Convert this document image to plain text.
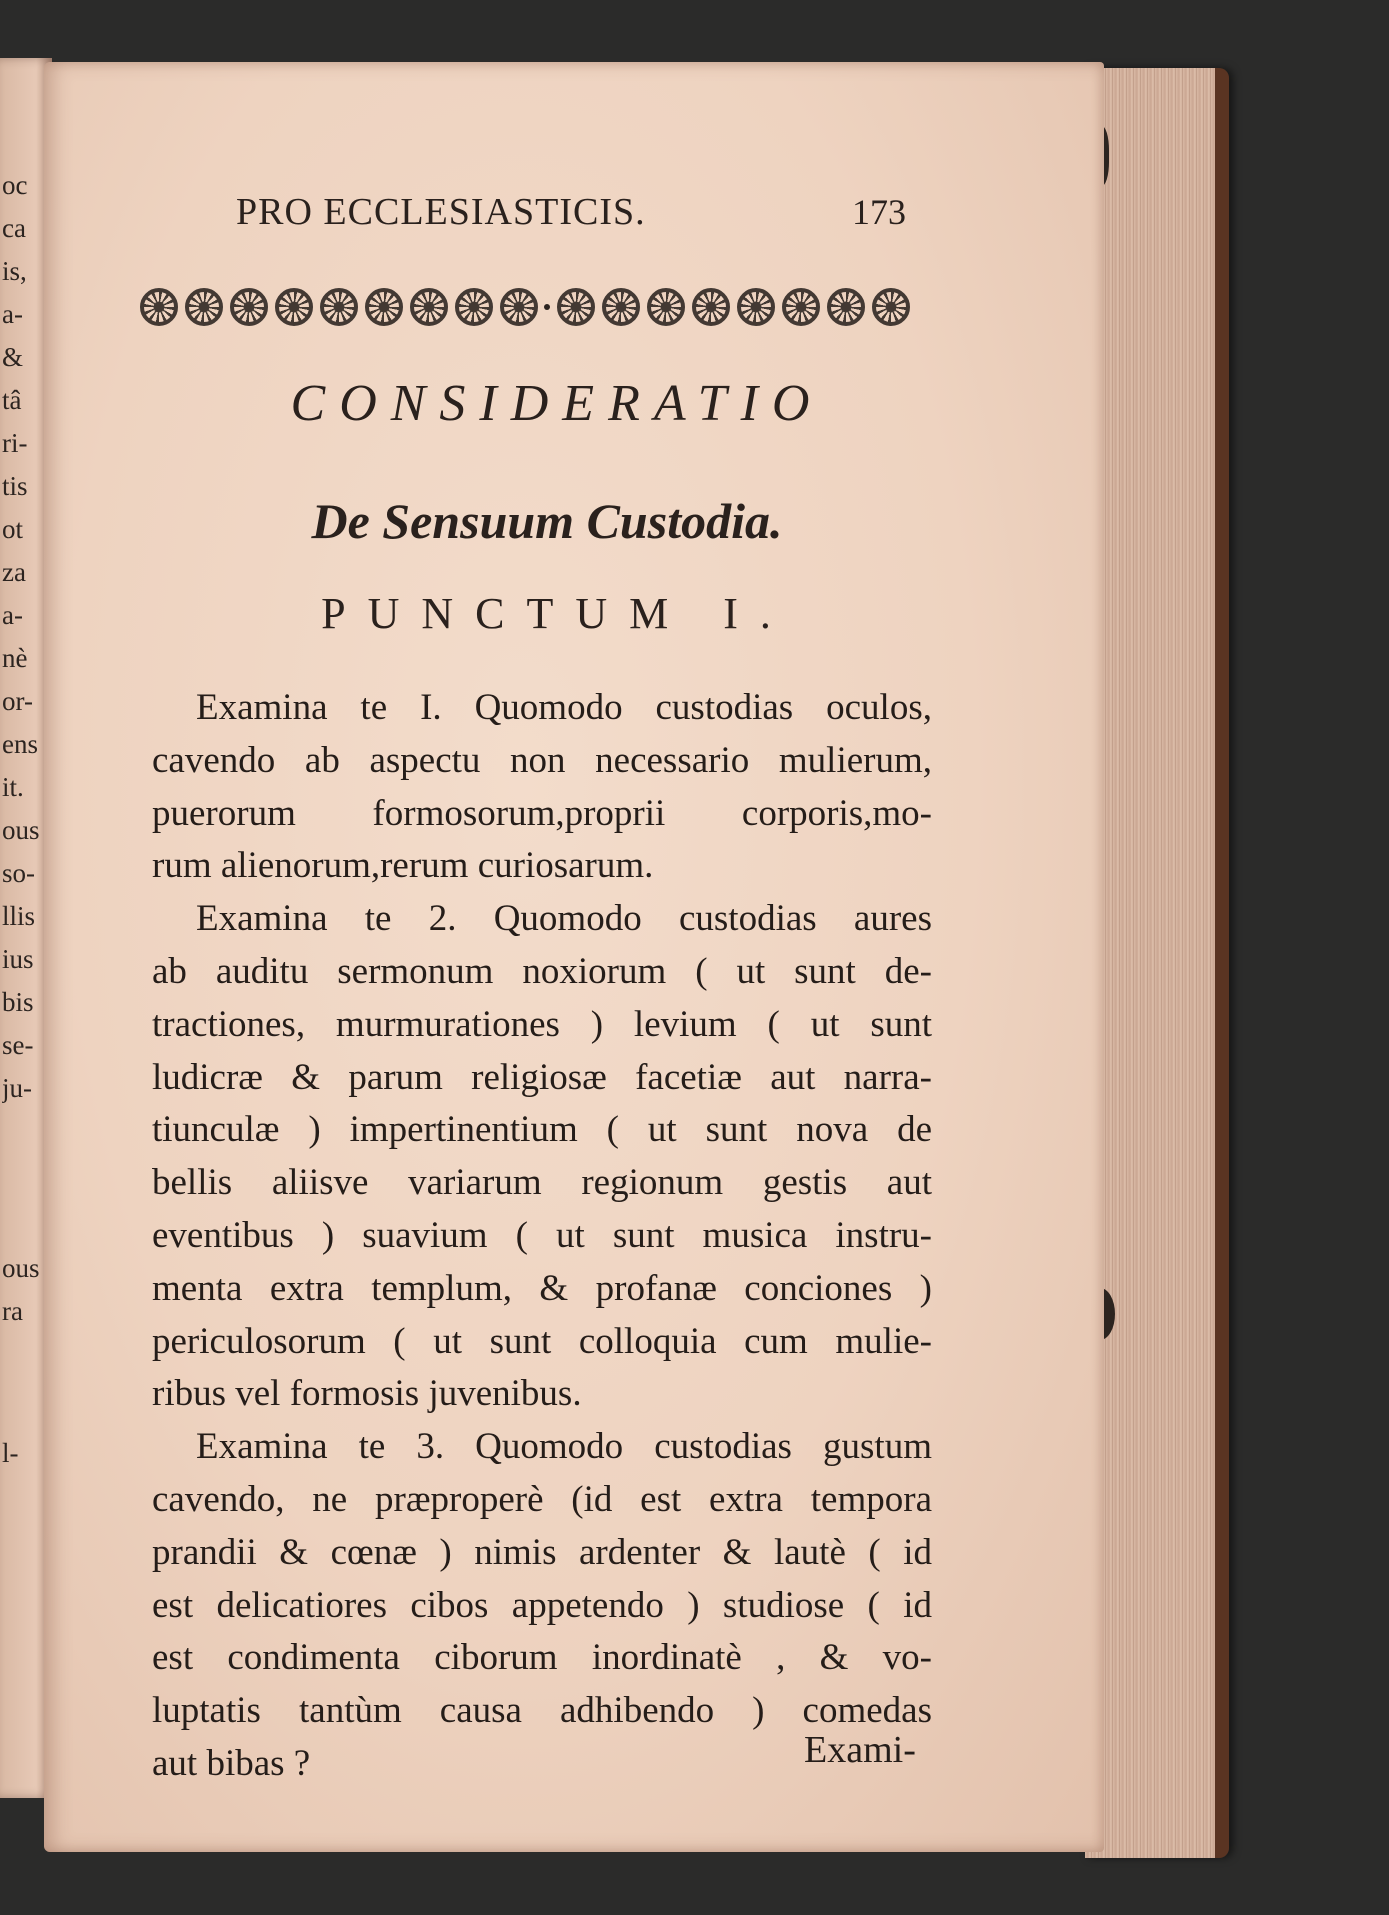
oc
ca
is,
a-
&
tâ
ri-
tis
ot
za
a-
nè
or-
ens
it.
ous
so-
llis
ius
bis
se-
ju-
ous
ra
l-
PRO ECCLESIASTICIS.	173
CONSIDERATIO
De Sensuum Custodia.
PUNCTUM I.
Examina te I. Quomodo custodias oculos,
cavendo ab aspectu non necessario mulierum,
puerorum formosorum,proprii corporis,mo-
rum alienorum,rerum curiosarum.
Examina te 2. Quomodo custodias aures
ab auditu sermonum noxiorum ( ut sunt de-
tractiones, murmurationes ) levium ( ut sunt
ludicræ & parum religiosæ facetiæ aut narra-
tiunculæ ) impertinentium ( ut sunt nova de
bellis aliisve variarum regionum gestis aut
eventibus ) suavium ( ut sunt musica instru-
menta extra templum, & profanæ conciones )
periculosorum ( ut sunt colloquia cum mulie-
ribus vel formosis juvenibus.
Examina te 3. Quomodo custodias gustum
cavendo, ne præproperè (id est extra tempora
prandii & cœnæ ) nimis ardenter & lautè ( id
est delicatiores cibos appetendo ) studiose ( id
est condimenta ciborum inordinatè , & vo-
luptatis tantùm causa adhibendo ) comedas
aut bibas ?	Exami-
